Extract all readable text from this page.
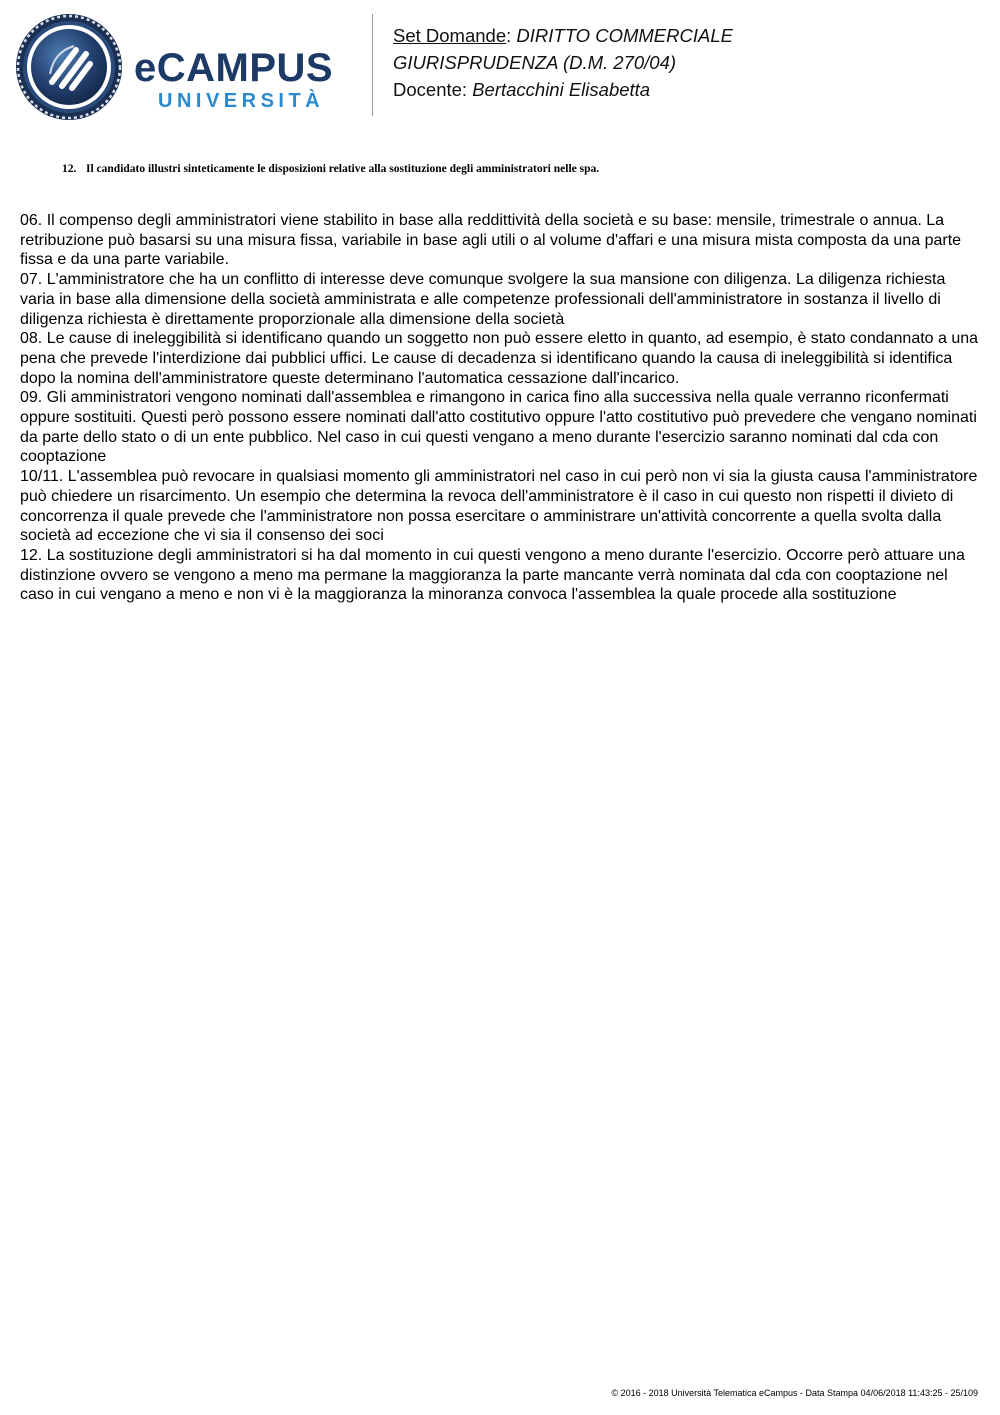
eCAMPUS
UNIVERSITÀ
Set Domande: DIRITTO COMMERCIALE
GIURISPRUDENZA (D.M. 270/04)
Docente: Bertacchini Elisabetta
12. Il candidato illustri sinteticamente le disposizioni relative alla sostituzione degli amministratori nelle spa.

06. Il compenso degli amministratori viene stabilito in base alla reddittività della società e su base: mensile, trimestrale o annua. La retribuzione può basarsi su una misura fissa, variabile in base agli utili o al volume d'affari e una misura mista composta da una parte fissa e da una parte variabile.

07. L'amministratore che ha un conflitto di interesse deve comunque svolgere la sua mansione con diligenza. La diligenza richiesta varia in base alla dimensione della società amministrata e alle competenze professionali dell'amministratore in sostanza il livello di diligenza richiesta è direttamente proporzionale alla dimensione della società

08. Le cause di ineleggibilità si identificano quando un soggetto non può essere eletto in quanto, ad esempio, è stato condannato a una pena che prevede l'interdizione dai pubblici uffici. Le cause di decadenza si identificano quando la causa di ineleggibilità si identifica dopo la nomina dell'amministratore queste determinano l'automatica cessazione dall'incarico.

09. Gli amministratori vengono nominati dall'assemblea e rimangono in carica fino alla successiva nella quale verranno riconfermati oppure sostituiti. Questi però possono essere nominati dall'atto costitutivo oppure l'atto costitutivo può prevedere che vengano nominati da parte dello stato o di un ente pubblico. Nel caso in cui questi vengano a meno durante l'esercizio saranno nominati dal cda con cooptazione

10/11. L'assemblea può revocare in qualsiasi momento gli amministratori nel caso in cui però non vi sia la giusta causa l'amministratore può chiedere un risarcimento. Un esempio che determina la revoca dell'amministratore è il caso in cui questo non rispetti il divieto di concorrenza il quale prevede che l'amministratore non possa esercitare o amministrare un'attività concorrente a quella svolta dalla società ad eccezione che vi sia il consenso dei soci

12. La sostituzione degli amministratori si ha dal momento in cui questi vengono a meno durante l'esercizio. Occorre però attuare una distinzione ovvero se vengono a meno ma permane la maggioranza la parte mancante verrà nominata dal cda con cooptazione nel caso in cui vengano a meno e non vi è la maggioranza la minoranza convoca l'assemblea la quale procede alla sostituzione

© 2016 - 2018 Università Telematica eCampus - Data Stampa 04/06/2018 11:43:25 - 25/109
